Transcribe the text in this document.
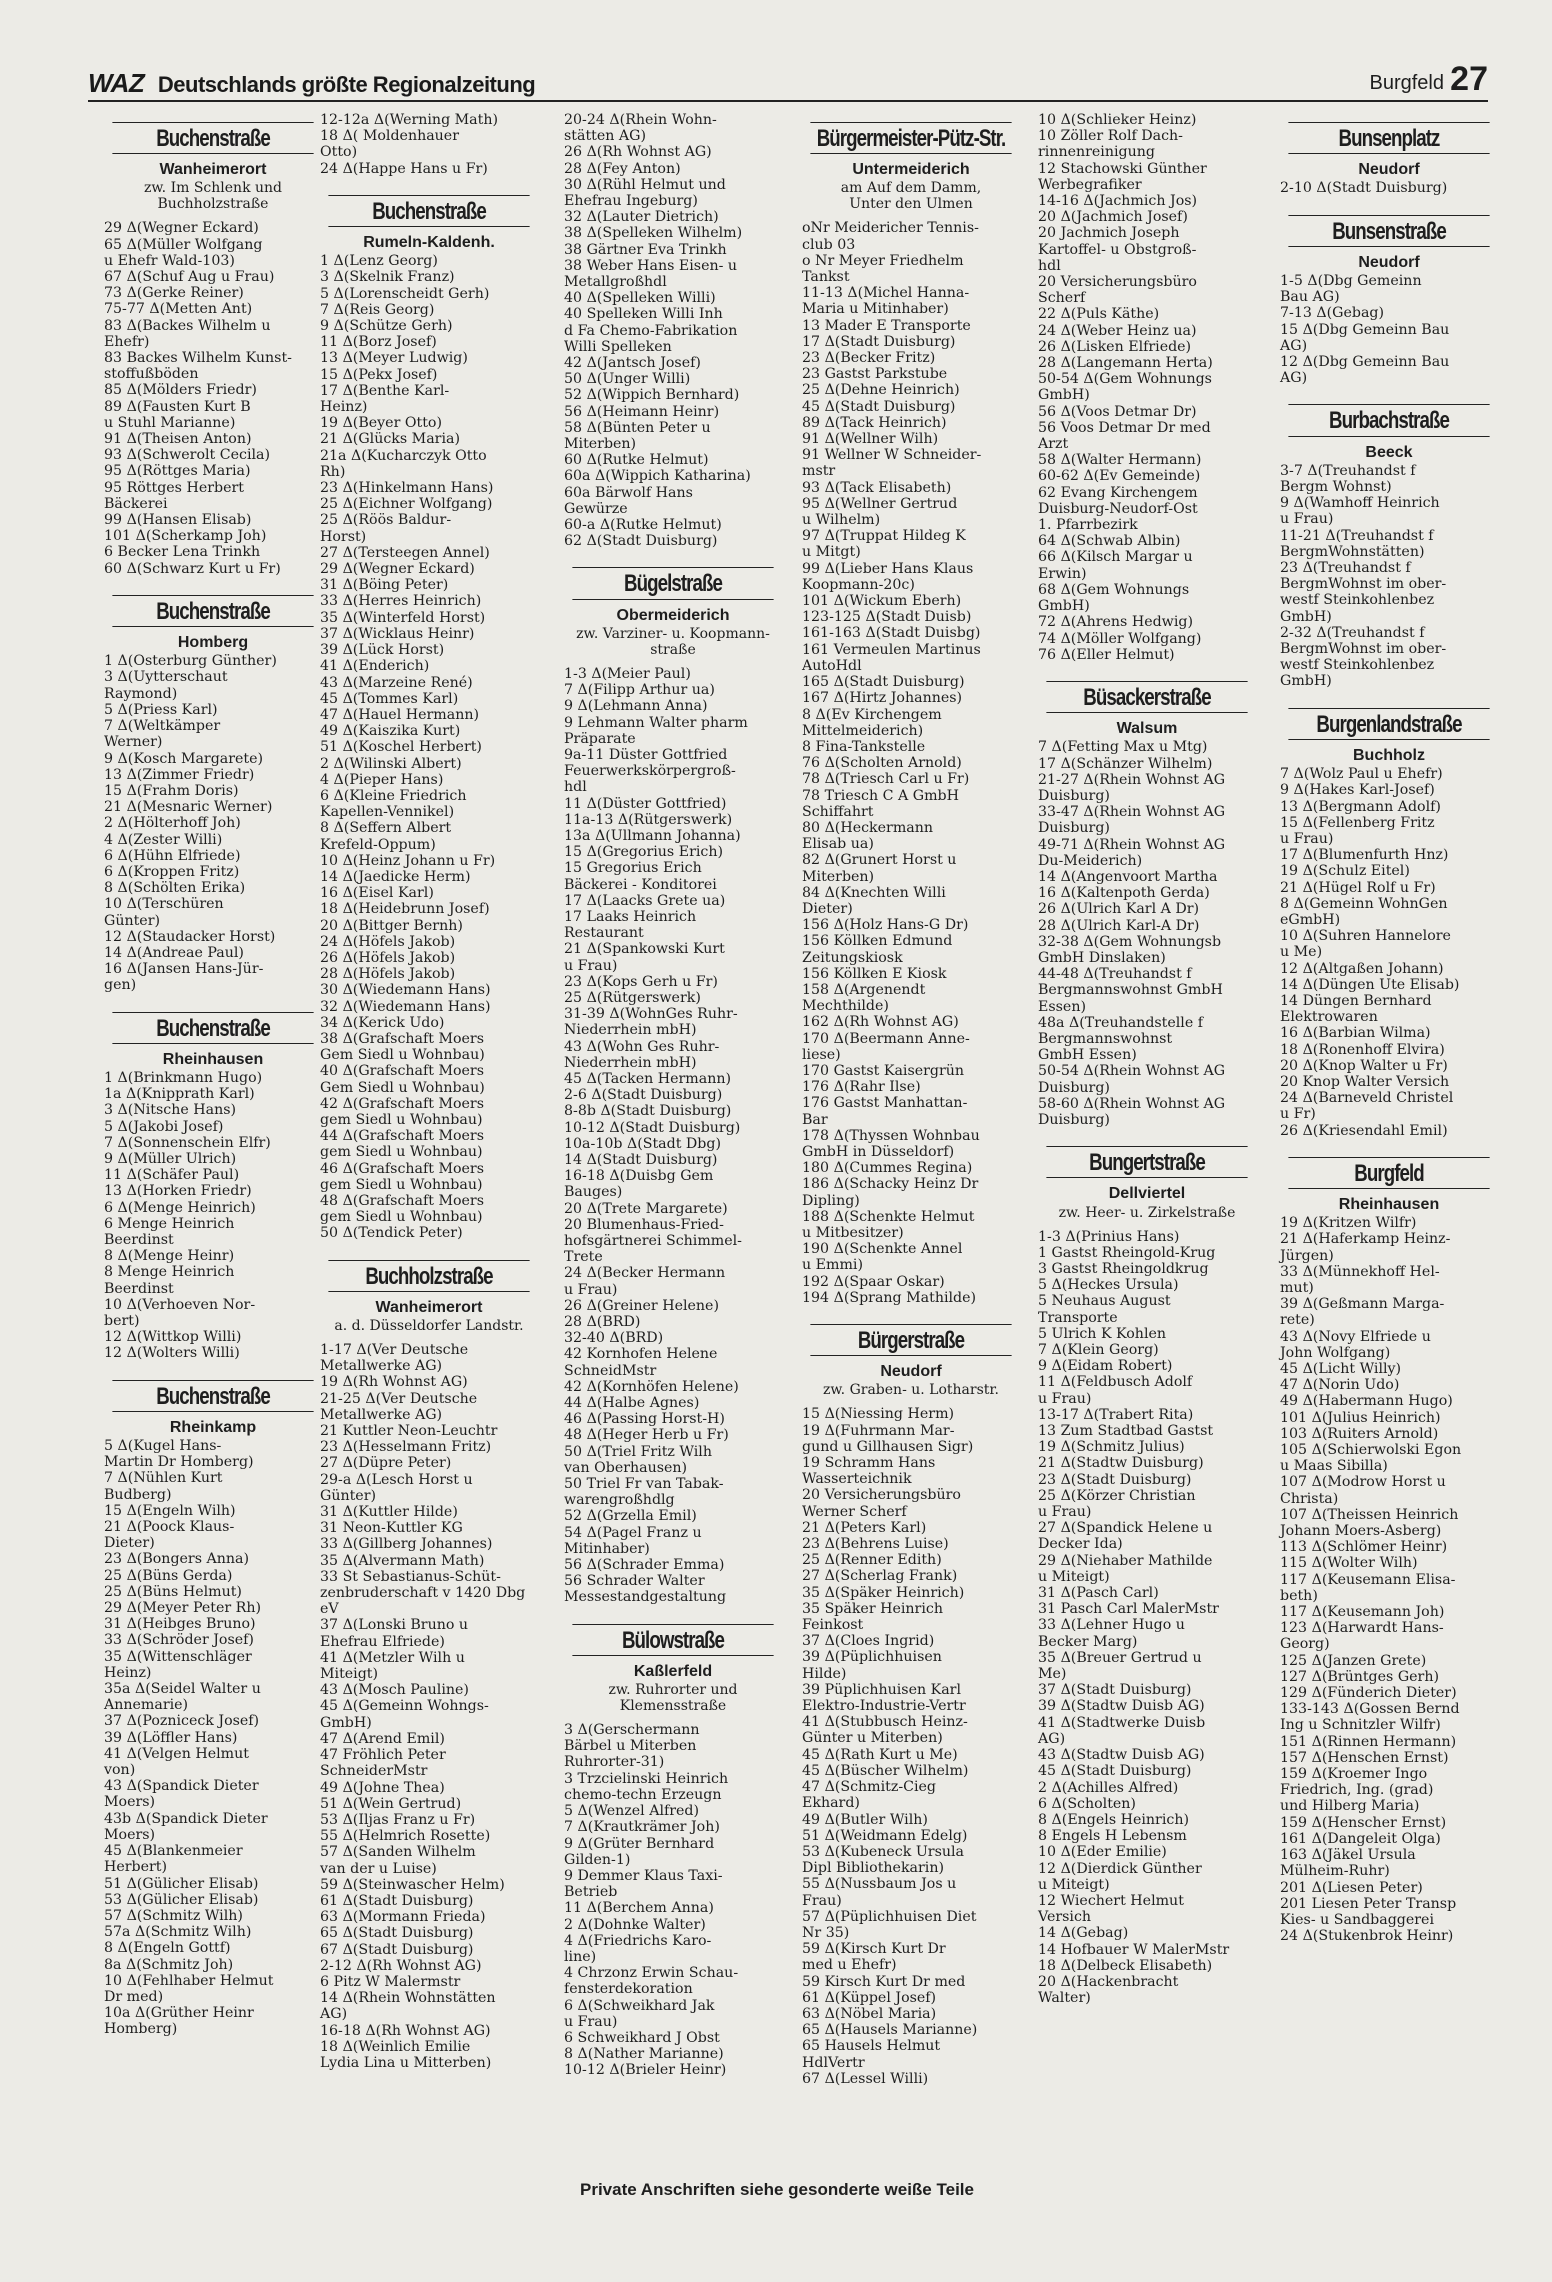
WAZ Deutschlands größte Regionalzeitung	Burgfeld 27
Buchenstraße
Wanheimerort
zw. Im Schlenk und
Buchholzstraße
29 Δ(Wegner Eckard)
65 Δ(Müller Wolfgang
u Ehefr Wald-103)
67 Δ(Schuf Aug u Frau)
73 Δ(Gerke Reiner)
75-77 Δ(Metten Ant)
83 Δ(Backes Wilhelm u
Ehefr)
83 Backes Wilhelm Kunst-
stoffußböden
85 Δ(Mölders Friedr)
89 Δ(Fausten Kurt B
u Stuhl Marianne)
91 Δ(Theisen Anton)
93 Δ(Schwerolt Cecila)
95 Δ(Röttges Maria)
95 Röttges Herbert
Bäckerei
99 Δ(Hansen Elisab)
101 Δ(Scherkamp Joh)
6 Becker Lena Trinkh
60 Δ(Schwarz Kurt u Fr)
Buchenstraße
Homberg
1 Δ(Osterburg Günther)
3 Δ(Uytterschaut
Raymond)
5 Δ(Priess Karl)
7 Δ(Weltkämper
Werner)
9 Δ(Kosch Margarete)
13 Δ(Zimmer Friedr)
15 Δ(Frahm Doris)
21 Δ(Mesnaric Werner)
2 Δ(Hölterhoff Joh)
4 Δ(Zester Willi)
6 Δ(Hühn Elfriede)
6 Δ(Kroppen Fritz)
8 Δ(Schölten Erika)
10 Δ(Terschüren
Günter)
12 Δ(Staudacker Horst)
14 Δ(Andreae Paul)
16 Δ(Jansen Hans-Jür-
gen)
Buchenstraße
Rheinhausen
1 Δ(Brinkmann Hugo)
1a Δ(Knipprath Karl)
3 Δ(Nitsche Hans)
5 Δ(Jakobi Josef)
7 Δ(Sonnenschein Elfr)
9 Δ(Müller Ulrich)
11 Δ(Schäfer Paul)
13 Δ(Horken Friedr)
6 Δ(Menge Heinrich)
6 Menge Heinrich
Beerdinst
8 Δ(Menge Heinr)
8 Menge Heinrich
Beerdinst
10 Δ(Verhoeven Nor-
bert)
12 Δ(Wittkop Willi)
12 Δ(Wolters Willi)
Buchenstraße
Rheinkamp
5 Δ(Kugel Hans-
Martin Dr Homberg)
7 Δ(Nühlen Kurt
Budberg)
15 Δ(Engeln Wilh)
21 Δ(Poock Klaus-
Dieter)
23 Δ(Bongers Anna)
25 Δ(Büns Gerda)
25 Δ(Büns Helmut)
29 Δ(Meyer Peter Rh)
31 Δ(Heibges Bruno)
33 Δ(Schröder Josef)
35 Δ(Wittenschläger
Heinz)
35a Δ(Seidel Walter u
Annemarie)
37 Δ(Pozniceck Josef)
39 Δ(Löffler Hans)
41 Δ(Velgen Helmut
von)
43 Δ(Spandick Dieter
Moers)
43b Δ(Spandick Dieter
Moers)
45 Δ(Blankenmeier
Herbert)
51 Δ(Gülicher Elisab)
53 Δ(Gülicher Elisab)
57 Δ(Schmitz Wilh)
57a Δ(Schmitz Wilh)
8 Δ(Engeln Gottf)
8a Δ(Schmitz Joh)
10 Δ(Fehlhaber Helmut
Dr med)
10a Δ(Grüther Heinr
Homberg)
12-12a Δ(Werning Math)
18 Δ( Moldenhauer
Otto)
24 Δ(Happe Hans u Fr)
Buchenstraße
Rumeln-Kaldenh.
1 Δ(Lenz Georg)
3 Δ(Skelnik Franz)
5 Δ(Lorenscheidt Gerh)
7 Δ(Reis Georg)
9 Δ(Schütze Gerh)
11 Δ(Borz Josef)
13 Δ(Meyer Ludwig)
15 Δ(Pekx Josef)
17 Δ(Benthe Karl-
Heinz)
19 Δ(Beyer Otto)
21 Δ(Glücks Maria)
21a Δ(Kucharczyk Otto
Rh)
23 Δ(Hinkelmann Hans)
25 Δ(Eichner Wolfgang)
25 Δ(Röös Baldur-
Horst)
27 Δ(Tersteegen Annel)
29 Δ(Wegner Eckard)
31 Δ(Böing Peter)
33 Δ(Herres Heinrich)
35 Δ(Winterfeld Horst)
37 Δ(Wicklaus Heinr)
39 Δ(Lück Horst)
41 Δ(Enderich)
43 Δ(Marzeine René)
45 Δ(Tommes Karl)
47 Δ(Hauel Hermann)
49 Δ(Kaiszika Kurt)
51 Δ(Koschel Herbert)
2 Δ(Wilinski Albert)
4 Δ(Pieper Hans)
6 Δ(Kleine Friedrich
Kapellen-Vennikel)
8 Δ(Seffern Albert
Krefeld-Oppum)
10 Δ(Heinz Johann u Fr)
14 Δ(Jaedicke Herm)
16 Δ(Eisel Karl)
18 Δ(Heidebrunn Josef)
20 Δ(Bittger Bernh)
24 Δ(Höfels Jakob)
26 Δ(Höfels Jakob)
28 Δ(Höfels Jakob)
30 Δ(Wiedemann Hans)
32 Δ(Wiedemann Hans)
34 Δ(Kerick Udo)
38 Δ(Grafschaft Moers
Gem Siedl u Wohnbau)
40 Δ(Grafschaft Moers
Gem Siedl u Wohnbau)
42 Δ(Grafschaft Moers
gem Siedl u Wohnbau)
44 Δ(Grafschaft Moers
gem Siedl u Wohnbau)
46 Δ(Grafschaft Moers
gem Siedl u Wohnbau)
48 Δ(Grafschaft Moers
gem Siedl u Wohnbau)
50 Δ(Tendick Peter)
Buchholzstraße
Wanheimerort
a. d. Düsseldorfer Landstr.
1-17 Δ(Ver Deutsche
Metallwerke AG)
19 Δ(Rh Wohnst AG)
21-25 Δ(Ver Deutsche
Metallwerke AG)
21 Kuttler Neon-Leuchtr
23 Δ(Hesselmann Fritz)
27 Δ(Düpre Peter)
29-a Δ(Lesch Horst u
Günter)
31 Δ(Kuttler Hilde)
31 Neon-Kuttler KG
33 Δ(Gillberg Johannes)
35 Δ(Alvermann Math)
33 St Sebastianus-Schüt-
zenbruderschaft v 1420 Dbg
eV
37 Δ(Lonski Bruno u
Ehefrau Elfriede)
41 Δ(Metzler Wilh u
Miteigt)
43 Δ(Mosch Pauline)
45 Δ(Gemeinn Wohngs-
GmbH)
47 Δ(Arend Emil)
47 Fröhlich Peter
SchneiderMstr
49 Δ(Johne Thea)
51 Δ(Wein Gertrud)
53 Δ(Iljas Franz u Fr)
55 Δ(Helmrich Rosette)
57 Δ(Sanden Wilhelm
van der u Luise)
59 Δ(Steinwascher Helm)
61 Δ(Stadt Duisburg)
63 Δ(Mormann Frieda)
65 Δ(Stadt Duisburg)
67 Δ(Stadt Duisburg)
2-12 Δ(Rh Wohnst AG)
6 Pitz W Malermstr
14 Δ(Rhein Wohnstätten
AG)
16-18 Δ(Rh Wohnst AG)
18 Δ(Weinlich Emilie
Lydia Lina u Mitterben)
20-24 Δ(Rhein Wohn-
stätten AG)
26 Δ(Rh Wohnst AG)
28 Δ(Fey Anton)
30 Δ(Rühl Helmut und
Ehefrau Ingeburg)
32 Δ(Lauter Dietrich)
38 Δ(Spelleken Wilhelm)
38 Gärtner Eva Trinkh
38 Weber Hans Eisen- u
Metallgroßhdl
40 Δ(Spelleken Willi)
40 Spelleken Willi Inh
d Fa Chemo-Fabrikation
Willi Spelleken
42 Δ(Jantsch Josef)
50 Δ(Unger Willi)
52 Δ(Wippich Bernhard)
56 Δ(Heimann Heinr)
58 Δ(Bünten Peter u
Miterben)
60 Δ(Rutke Helmut)
60a Δ(Wippich Katharina)
60a Bärwolf Hans
Gewürze
60-a Δ(Rutke Helmut)
62 Δ(Stadt Duisburg)
Bügelstraße
Obermeiderich
zw. Varziner- u. Koopmann-
straße
1-3 Δ(Meier Paul)
7 Δ(Filipp Arthur ua)
9 Δ(Lehmann Anna)
9 Lehmann Walter pharm
Präparate
9a-11 Düster Gottfried
Feuerwerkskörpergroß-
hdl
11 Δ(Düster Gottfried)
11a-13 Δ(Rütgerswerk)
13a Δ(Ullmann Johanna)
15 Δ(Gregorius Erich)
15 Gregorius Erich
Bäckerei - Konditorei
17 Δ(Laacks Grete ua)
17 Laaks Heinrich
Restaurant
21 Δ(Spankowski Kurt
u Frau)
23 Δ(Kops Gerh u Fr)
25 Δ(Rütgerswerk)
31-39 Δ(WohnGes Ruhr-
Niederrhein mbH)
43 Δ(Wohn Ges Ruhr-
Niederrhein mbH)
45 Δ(Tacken Hermann)
2-6 Δ(Stadt Duisburg)
8-8b Δ(Stadt Duisburg)
10-12 Δ(Stadt Duisburg)
10a-10b Δ(Stadt Dbg)
14 Δ(Stadt Duisburg)
16-18 Δ(Duisbg Gem
Bauges)
20 Δ(Trete Margarete)
20 Blumenhaus-Fried-
hofsgärtnerei Schimmel-
Trete
24 Δ(Becker Hermann
u Frau)
26 Δ(Greiner Helene)
28 Δ(BRD)
32-40 Δ(BRD)
42 Kornhofen Helene
SchneidMstr
42 Δ(Kornhöfen Helene)
44 Δ(Halbe Agnes)
46 Δ(Passing Horst-H)
48 Δ(Heger Herb u Fr)
50 Δ(Triel Fritz Wilh
van Oberhausen)
50 Triel Fr van Tabak-
warengroßhdlg
52 Δ(Grzella Emil)
54 Δ(Pagel Franz u
Mitinhaber)
56 Δ(Schrader Emma)
56 Schrader Walter
Messestandgestaltung
Bülowstraße
Kaßlerfeld
zw. Ruhrorter und
Klemensstraße
3 Δ(Gerschermann
Bärbel u Miterben
Ruhrorter-31)
3 Trzcielinski Heinrich
chemo-techn Erzeugn
5 Δ(Wenzel Alfred)
7 Δ(Krautkrämer Joh)
9 Δ(Grüter Bernhard
Gilden-1)
9 Demmer Klaus Taxi-
Betrieb
11 Δ(Berchem Anna)
2 Δ(Dohnke Walter)
4 Δ(Friedrichs Karo-
line)
4 Chrzonz Erwin Schau-
fensterdekoration
6 Δ(Schweikhard Jak
u Frau)
6 Schweikhard J Obst
8 Δ(Nather Marianne)
10-12 Δ(Brieler Heinr)
Bürgermeister-Pütz-Str.
Untermeiderich
am Auf dem Damm,
Unter den Ulmen
oNr Meidericher Tennis-
club 03
o Nr Meyer Friedhelm
Tankst
11-13 Δ(Michel Hanna-
Maria u Mitinhaber)
13 Mader E Transporte
17 Δ(Stadt Duisburg)
23 Δ(Becker Fritz)
23 Gastst Parkstube
25 Δ(Dehne Heinrich)
45 Δ(Stadt Duisburg)
89 Δ(Tack Heinrich)
91 Δ(Wellner Wilh)
91 Wellner W Schneider-
mstr
93 Δ(Tack Elisabeth)
95 Δ(Wellner Gertrud
u Wilhelm)
97 Δ(Truppat Hildeg K
u Mitgt)
99 Δ(Lieber Hans Klaus
Koopmann-20c)
101 Δ(Wickum Eberh)
123-125 Δ(Stadt Duisb)
161-163 Δ(Stadt Duisbg)
161 Vermeulen Martinus
AutoHdl
165 Δ(Stadt Duisburg)
167 Δ(Hirtz Johannes)
8 Δ(Ev Kirchengem
Mittelmeiderich)
8 Fina-Tankstelle
76 Δ(Scholten Arnold)
78 Δ(Triesch Carl u Fr)
78 Triesch C A GmbH
Schiffahrt
80 Δ(Heckermann
Elisab ua)
82 Δ(Grunert Horst u
Miterben)
84 Δ(Knechten Willi
Dieter)
156 Δ(Holz Hans-G Dr)
156 Köllken Edmund
Zeitungskiosk
156 Köllken E Kiosk
158 Δ(Argenendt
Mechthilde)
162 Δ(Rh Wohnst AG)
170 Δ(Beermann Anne-
liese)
170 Gastst Kaisergrün
176 Δ(Rahr Ilse)
176 Gastst Manhattan-
Bar
178 Δ(Thyssen Wohnbau
GmbH in Düsseldorf)
180 Δ(Cummes Regina)
186 Δ(Schacky Heinz Dr
Dipling)
188 Δ(Schenkte Helmut
u Mitbesitzer)
190 Δ(Schenkte Annel
u Emmi)
192 Δ(Spaar Oskar)
194 Δ(Sprang Mathilde)
Bürgerstraße
Neudorf
zw. Graben- u. Lotharstr.
15 Δ(Niessing Herm)
19 Δ(Fuhrmann Mar-
gund u Gillhausen Sigr)
19 Schramm Hans
Wasserteichnik
20 Versicherungsbüro
Werner Scherf
21 Δ(Peters Karl)
23 Δ(Behrens Luise)
25 Δ(Renner Edith)
27 Δ(Scherlag Frank)
35 Δ(Späker Heinrich)
35 Späker Heinrich
Feinkost
37 Δ(Cloes Ingrid)
39 Δ(Püplichhuisen
Hilde)
39 Püplichhuisen Karl
Elektro-Industrie-Vertr
41 Δ(Stubbusch Heinz-
Günter u Miterben)
45 Δ(Rath Kurt u Me)
45 Δ(Büscher Wilhelm)
47 Δ(Schmitz-Cieg
Ekhard)
49 Δ(Butler Wilh)
51 Δ(Weidmann Edelg)
53 Δ(Kubeneck Ursula
Dipl Bibliothekarin)
55 Δ(Nussbaum Jos u
Frau)
57 Δ(Püplichhuisen Diet
Nr 35)
59 Δ(Kirsch Kurt Dr
med u Ehefr)
59 Kirsch Kurt Dr med
61 Δ(Küppel Josef)
63 Δ(Nöbel Maria)
65 Δ(Hausels Marianne)
65 Hausels Helmut
HdlVertr
67 Δ(Lessel Willi)
10 Δ(Schlieker Heinz)
10 Zöller Rolf Dach-
rinnenreinigung
12 Stachowski Günther
Werbegrafiker
14-16 Δ(Jachmich Jos)
20 Δ(Jachmich Josef)
20 Jachmich Joseph
Kartoffel- u Obstgroß-
hdl
20 Versicherungsbüro
Scherf
22 Δ(Puls Käthe)
24 Δ(Weber Heinz ua)
26 Δ(Lisken Elfriede)
28 Δ(Langemann Herta)
50-54 Δ(Gem Wohnungs
GmbH)
56 Δ(Voos Detmar Dr)
56 Voos Detmar Dr med
Arzt
58 Δ(Walter Hermann)
60-62 Δ(Ev Gemeinde)
62 Evang Kirchengem
Duisburg-Neudorf-Ost
1. Pfarrbezirk
64 Δ(Schwab Albin)
66 Δ(Kilsch Margar u
Erwin)
68 Δ(Gem Wohnungs
GmbH)
72 Δ(Ahrens Hedwig)
74 Δ(Möller Wolfgang)
76 Δ(Eller Helmut)
Büsackerstraße
Walsum
7 Δ(Fetting Max u Mtg)
17 Δ(Schänzer Wilhelm)
21-27 Δ(Rhein Wohnst AG
Duisburg)
33-47 Δ(Rhein Wohnst AG
Duisburg)
49-71 Δ(Rhein Wohnst AG
Du-Meiderich)
14 Δ(Angenvoort Martha
16 Δ(Kaltenpoth Gerda)
26 Δ(Ulrich Karl A Dr)
28 Δ(Ulrich Karl-A Dr)
32-38 Δ(Gem Wohnungsb
GmbH Dinslaken)
44-48 Δ(Treuhandst f
Bergmannswohnst GmbH
Essen)
48a Δ(Treuhandstelle f
Bergmannswohnst
GmbH Essen)
50-54 Δ(Rhein Wohnst AG
Duisburg)
58-60 Δ(Rhein Wohnst AG
Duisburg)
Bungertstraße
Dellviertel
zw. Heer- u. Zirkelstraße
1-3 Δ(Prinius Hans)
1 Gastst Rheingold-Krug
3 Gastst Rheingoldkrug
5 Δ(Heckes Ursula)
5 Neuhaus August
Transporte
5 Ulrich K Kohlen
7 Δ(Klein Georg)
9 Δ(Eidam Robert)
11 Δ(Feldbusch Adolf
u Frau)
13-17 Δ(Trabert Rita)
13 Zum Stadtbad Gastst
19 Δ(Schmitz Julius)
21 Δ(Stadtw Duisburg)
23 Δ(Stadt Duisburg)
25 Δ(Körzer Christian
u Frau)
27 Δ(Spandick Helene u
Decker Ida)
29 Δ(Niehaber Mathilde
u Miteigt)
31 Δ(Pasch Carl)
31 Pasch Carl MalerMstr
33 Δ(Lehner Hugo u
Becker Marg)
35 Δ(Breuer Gertrud u
Me)
37 Δ(Stadt Duisburg)
39 Δ(Stadtw Duisb AG)
41 Δ(Stadtwerke Duisb
AG)
43 Δ(Stadtw Duisb AG)
45 Δ(Stadt Duisburg)
2 Δ(Achilles Alfred)
6 Δ(Scholten)
8 Δ(Engels Heinrich)
8 Engels H Lebensm
10 Δ(Eder Emilie)
12 Δ(Dierdick Günther
u Miteigt)
12 Wiechert Helmut
Versich
14 Δ(Gebag)
14 Hofbauer W MalerMstr
18 Δ(Delbeck Elisabeth)
20 Δ(Hackenbracht
Walter)
Bunsenplatz
Neudorf
2-10 Δ(Stadt Duisburg)
Bunsenstraße
Neudorf
1-5 Δ(Dbg Gemeinn
Bau AG)
7-13 Δ(Gebag)
15 Δ(Dbg Gemeinn Bau
AG)
12 Δ(Dbg Gemeinn Bau
AG)
Burbachstraße
Beeck
3-7 Δ(Treuhandst f
Bergm Wohnst)
9 Δ(Wamhoff Heinrich
u Frau)
11-21 Δ(Treuhandst f
BergmWohnstätten)
23 Δ(Treuhandst f
BergmWohnst im ober-
westf Steinkohlenbez
GmbH)
2-32 Δ(Treuhandst f
BergmWohnst im ober-
westf Steinkohlenbez
GmbH)
Burgenlandstraße
Buchholz
7 Δ(Wolz Paul u Ehefr)
9 Δ(Hakes Karl-Josef)
13 Δ(Bergmann Adolf)
15 Δ(Fellenberg Fritz
u Frau)
17 Δ(Blumenfurth Hnz)
19 Δ(Schulz Eitel)
21 Δ(Hügel Rolf u Fr)
8 Δ(Gemeinn WohnGen
eGmbH)
10 Δ(Suhren Hannelore
u Me)
12 Δ(Altgaßen Johann)
14 Δ(Düngen Ute Elisab)
14 Düngen Bernhard
Elektrowaren
16 Δ(Barbian Wilma)
18 Δ(Ronenhoff Elvira)
20 Δ(Knop Walter u Fr)
20 Knop Walter Versich
24 Δ(Barneveld Christel
u Fr)
26 Δ(Kriesendahl Emil)
Burgfeld
Rheinhausen
19 Δ(Kritzen Wilfr)
21 Δ(Haferkamp Heinz-
Jürgen)
33 Δ(Münnekhoff Hel-
mut)
39 Δ(Geßmann Marga-
rete)
43 Δ(Novy Elfriede u
John Wolfgang)
45 Δ(Licht Willy)
47 Δ(Norin Udo)
49 Δ(Habermann Hugo)
101 Δ(Julius Heinrich)
103 Δ(Ruiters Arnold)
105 Δ(Schierwolski Egon
u Maas Sibilla)
107 Δ(Modrow Horst u
Christa)
107 Δ(Theissen Heinrich
Johann Moers-Asberg)
113 Δ(Schlömer Heinr)
115 Δ(Wolter Wilh)
117 Δ(Keusemann Elisa-
beth)
117 Δ(Keusemann Joh)
123 Δ(Harwardt Hans-
Georg)
125 Δ(Janzen Grete)
127 Δ(Brüntges Gerh)
129 Δ(Fünderich Dieter)
133-143 Δ(Gossen Bernd
Ing u Schnitzler Wilfr)
151 Δ(Rinnen Hermann)
157 Δ(Henschen Ernst)
159 Δ(Kroemer Ingo
Friedrich, Ing. (grad)
und Hilberg Maria)
159 Δ(Henscher Ernst)
161 Δ(Dangeleit Olga)
163 Δ(Jäkel Ursula
Mülheim-Ruhr)
201 Δ(Liesen Peter)
201 Liesen Peter Transp
Kies- u Sandbaggerei
24 Δ(Stukenbrok Heinr)
Private Anschriften siehe gesonderte weiße Teile
